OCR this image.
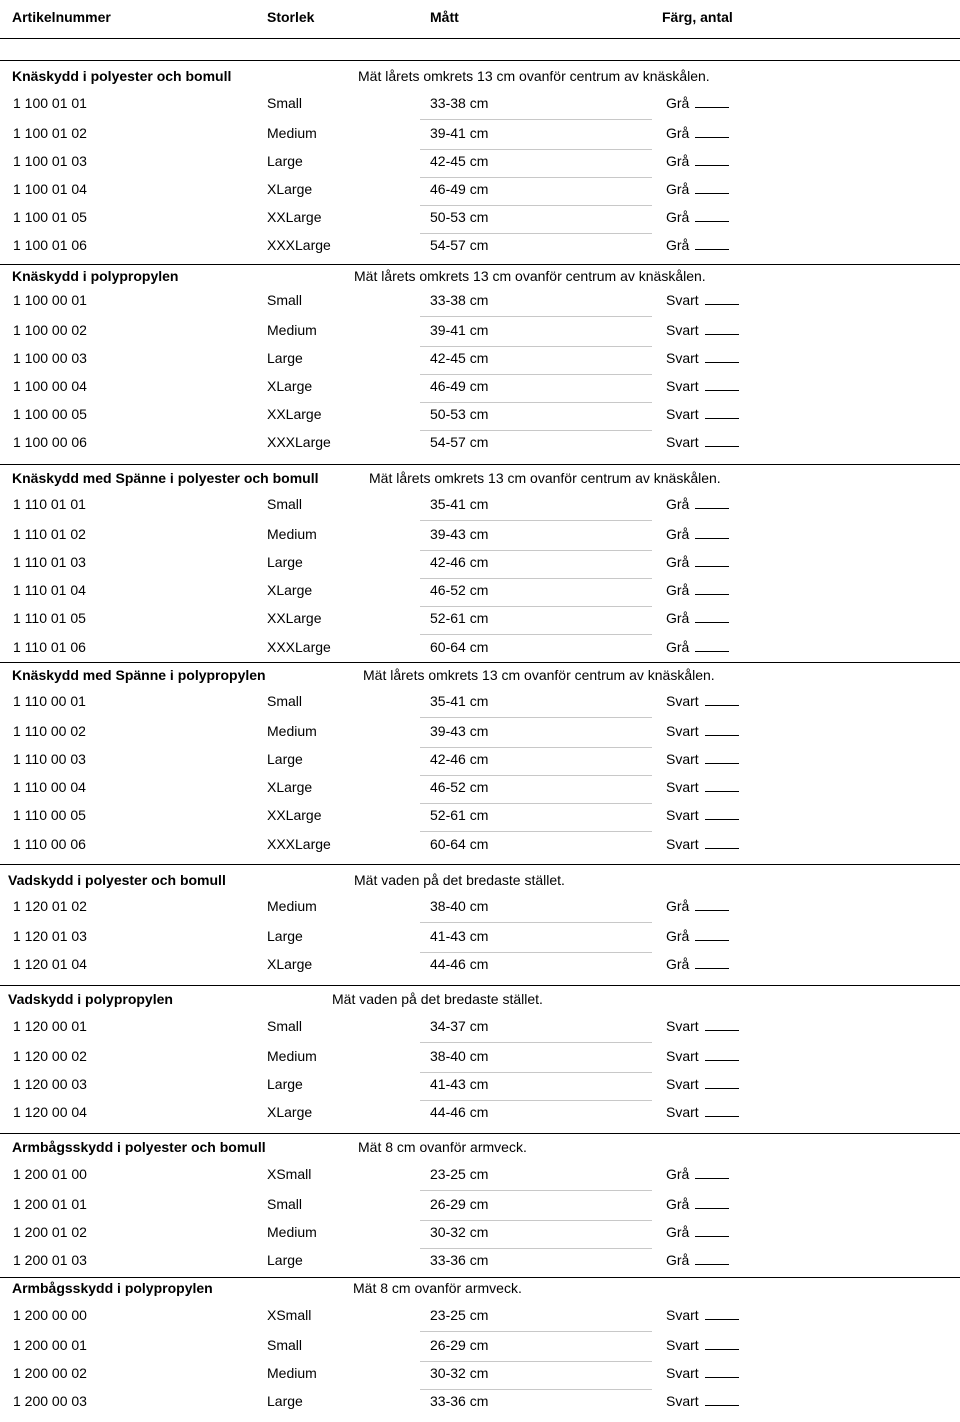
Artikelnummer	Storlek	Mått	Färg, antal
Knäskydd i polyester och bomull	Mät lårets omkrets 13 cm ovanför centrum av knäskålen.
1 100 01 01	Small	33-38 cm	Grå
1 100 01 02	Medium	39-41 cm	Grå
1 100 01 03	Large	42-45 cm	Grå
1 100 01 04	XLarge	46-49 cm	Grå
1 100 01 05	XXLarge	50-53 cm	Grå
1 100 01 06	XXXLarge	54-57 cm	Grå
Knäskydd i polypropylen	Mät lårets omkrets 13 cm ovanför centrum av knäskålen.
1 100 00 01	Small	33-38 cm	Svart
1 100 00 02	Medium	39-41 cm	Svart
1 100 00 03	Large	42-45 cm	Svart
1 100 00 04	XLarge	46-49 cm	Svart
1 100 00 05	XXLarge	50-53 cm	Svart
1 100 00 06	XXXLarge	54-57 cm	Svart
Knäskydd med Spänne i polyester och bomull	Mät lårets omkrets 13 cm ovanför centrum av knäskålen.
1 110 01 01	Small	35-41 cm	Grå
1 110 01 02	Medium	39-43 cm	Grå
1 110 01 03	Large	42-46 cm	Grå
1 110 01 04	XLarge	46-52 cm	Grå
1 110 01 05	XXLarge	52-61 cm	Grå
1 110 01 06	XXXLarge	60-64 cm	Grå
Knäskydd med Spänne i polypropylen	Mät lårets omkrets 13 cm ovanför centrum av knäskålen.
1 110 00 01	Small	35-41 cm	Svart
1 110 00 02	Medium	39-43 cm	Svart
1 110 00 03	Large	42-46 cm	Svart
1 110 00 04	XLarge	46-52 cm	Svart
1 110 00 05	XXLarge	52-61 cm	Svart
1 110 00 06	XXXLarge	60-64 cm	Svart
Vadskydd i polyester och bomull	Mät vaden på det bredaste stället.
1 120 01 02	Medium	38-40 cm	Grå
1 120 01 03	Large	41-43 cm	Grå
1 120 01 04	XLarge	44-46 cm	Grå
Vadskydd i polypropylen	Mät vaden på det bredaste stället.
1 120 00 01	Small	34-37 cm	Svart
1 120 00 02	Medium	38-40 cm	Svart
1 120 00 03	Large	41-43 cm	Svart
1 120 00 04	XLarge	44-46 cm	Svart
Armbågsskydd i polyester och bomull	Mät 8 cm ovanför armveck.
1 200 01 00	XSmall	23-25 cm	Grå
1 200 01 01	Small	26-29 cm	Grå
1 200 01 02	Medium	30-32 cm	Grå
1 200 01 03	Large	33-36 cm	Grå
Armbågsskydd i polypropylen	Mät 8 cm ovanför armveck.
1 200 00 00	XSmall	23-25 cm	Svart
1 200 00 01	Small	26-29 cm	Svart
1 200 00 02	Medium	30-32 cm	Svart
1 200 00 03	Large	33-36 cm	Svart
